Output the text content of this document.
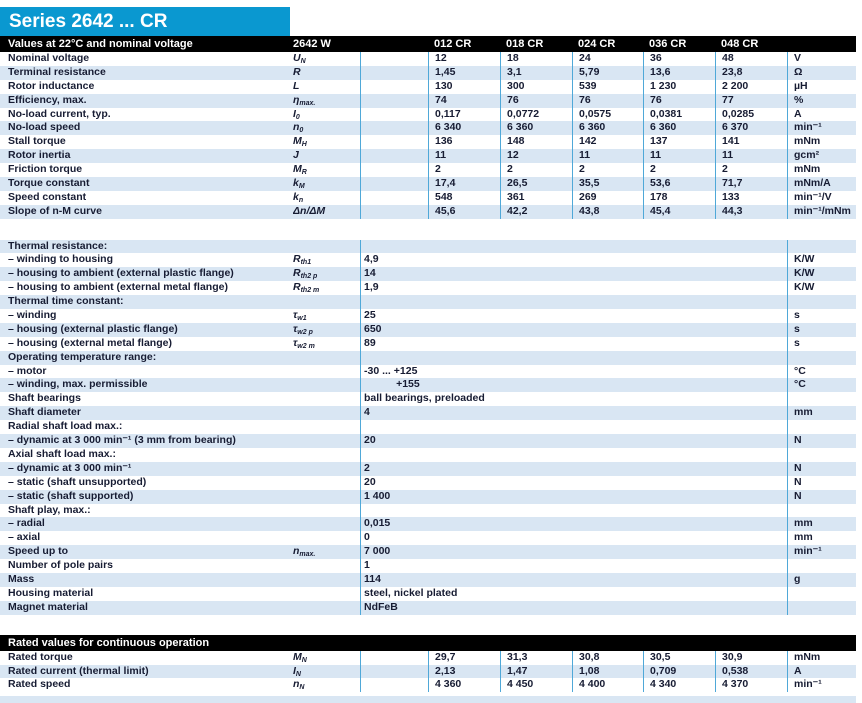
Series 2642 ... CR
Values at 22°C and nominal voltage	2642 W	012 CR	018 CR	024 CR	036 CR	048 CR
Nominal voltage	UN	12	18	24	36	48	V
Terminal resistance	R	1,45	3,1	5,79	13,6	23,8	Ω
Rotor inductance	L	130	300	539	1 230	2 200	µH
Efficiency, max.	ηmax.	74	76	76	76	77	%
No-load current, typ.	I0	0,117	0,0772	0,0575	0,0381	0,0285	A
No-load speed	n0	6 340	6 360	6 360	6 360	6 370	min⁻¹
Stall torque	MH	136	148	142	137	141	mNm
Rotor inertia	J	11	12	11	11	11	gcm²
Friction torque	MR	2	2	2	2	2	mNm
Torque constant	kM	17,4	26,5	35,5	53,6	71,7	mNm/A
Speed constant	kn	548	361	269	178	133	min⁻¹/V
Slope of n-M curve	Δn/ΔM	45,6	42,2	43,8	45,4	44,3	min⁻¹/mNm
Thermal resistance:
– winding to housing	Rth1	4,9	K/W
– housing to ambient (external plastic flange)	Rth2 p	14	K/W
– housing to ambient (external metal flange)	Rth2 m	1,9	K/W
Thermal time constant:
– winding	τw1	25	s
– housing (external plastic flange)	τw2 p	650	s
– housing (external metal flange)	τw2 m	89	s
Operating temperature range:
– motor	-30 ... +125	°C
– winding, max. permissible	+155	°C
Shaft bearings	ball bearings, preloaded
Shaft diameter	4	mm
Radial shaft load max.:
– dynamic at 3 000 min⁻¹ (3 mm from bearing)	20	N
Axial shaft load max.:
– dynamic at 3 000 min⁻¹	2	N
– static (shaft unsupported)	20	N
– static (shaft supported)	1 400	N
Shaft play, max.:
– radial	0,015	mm
– axial	0	mm
Speed up to	nmax.	7 000	min⁻¹
Number of pole pairs	1
Mass	114	g
Housing material	steel, nickel plated
Magnet material	NdFeB
Rated values for continuous operation
Rated torque	MN	29,7	31,3	30,8	30,5	30,9	mNm
Rated current (thermal limit)	IN	2,13	1,47	1,08	0,709	0,538	A
Rated speed	nN	4 360	4 450	4 400	4 340	4 370	min⁻¹
